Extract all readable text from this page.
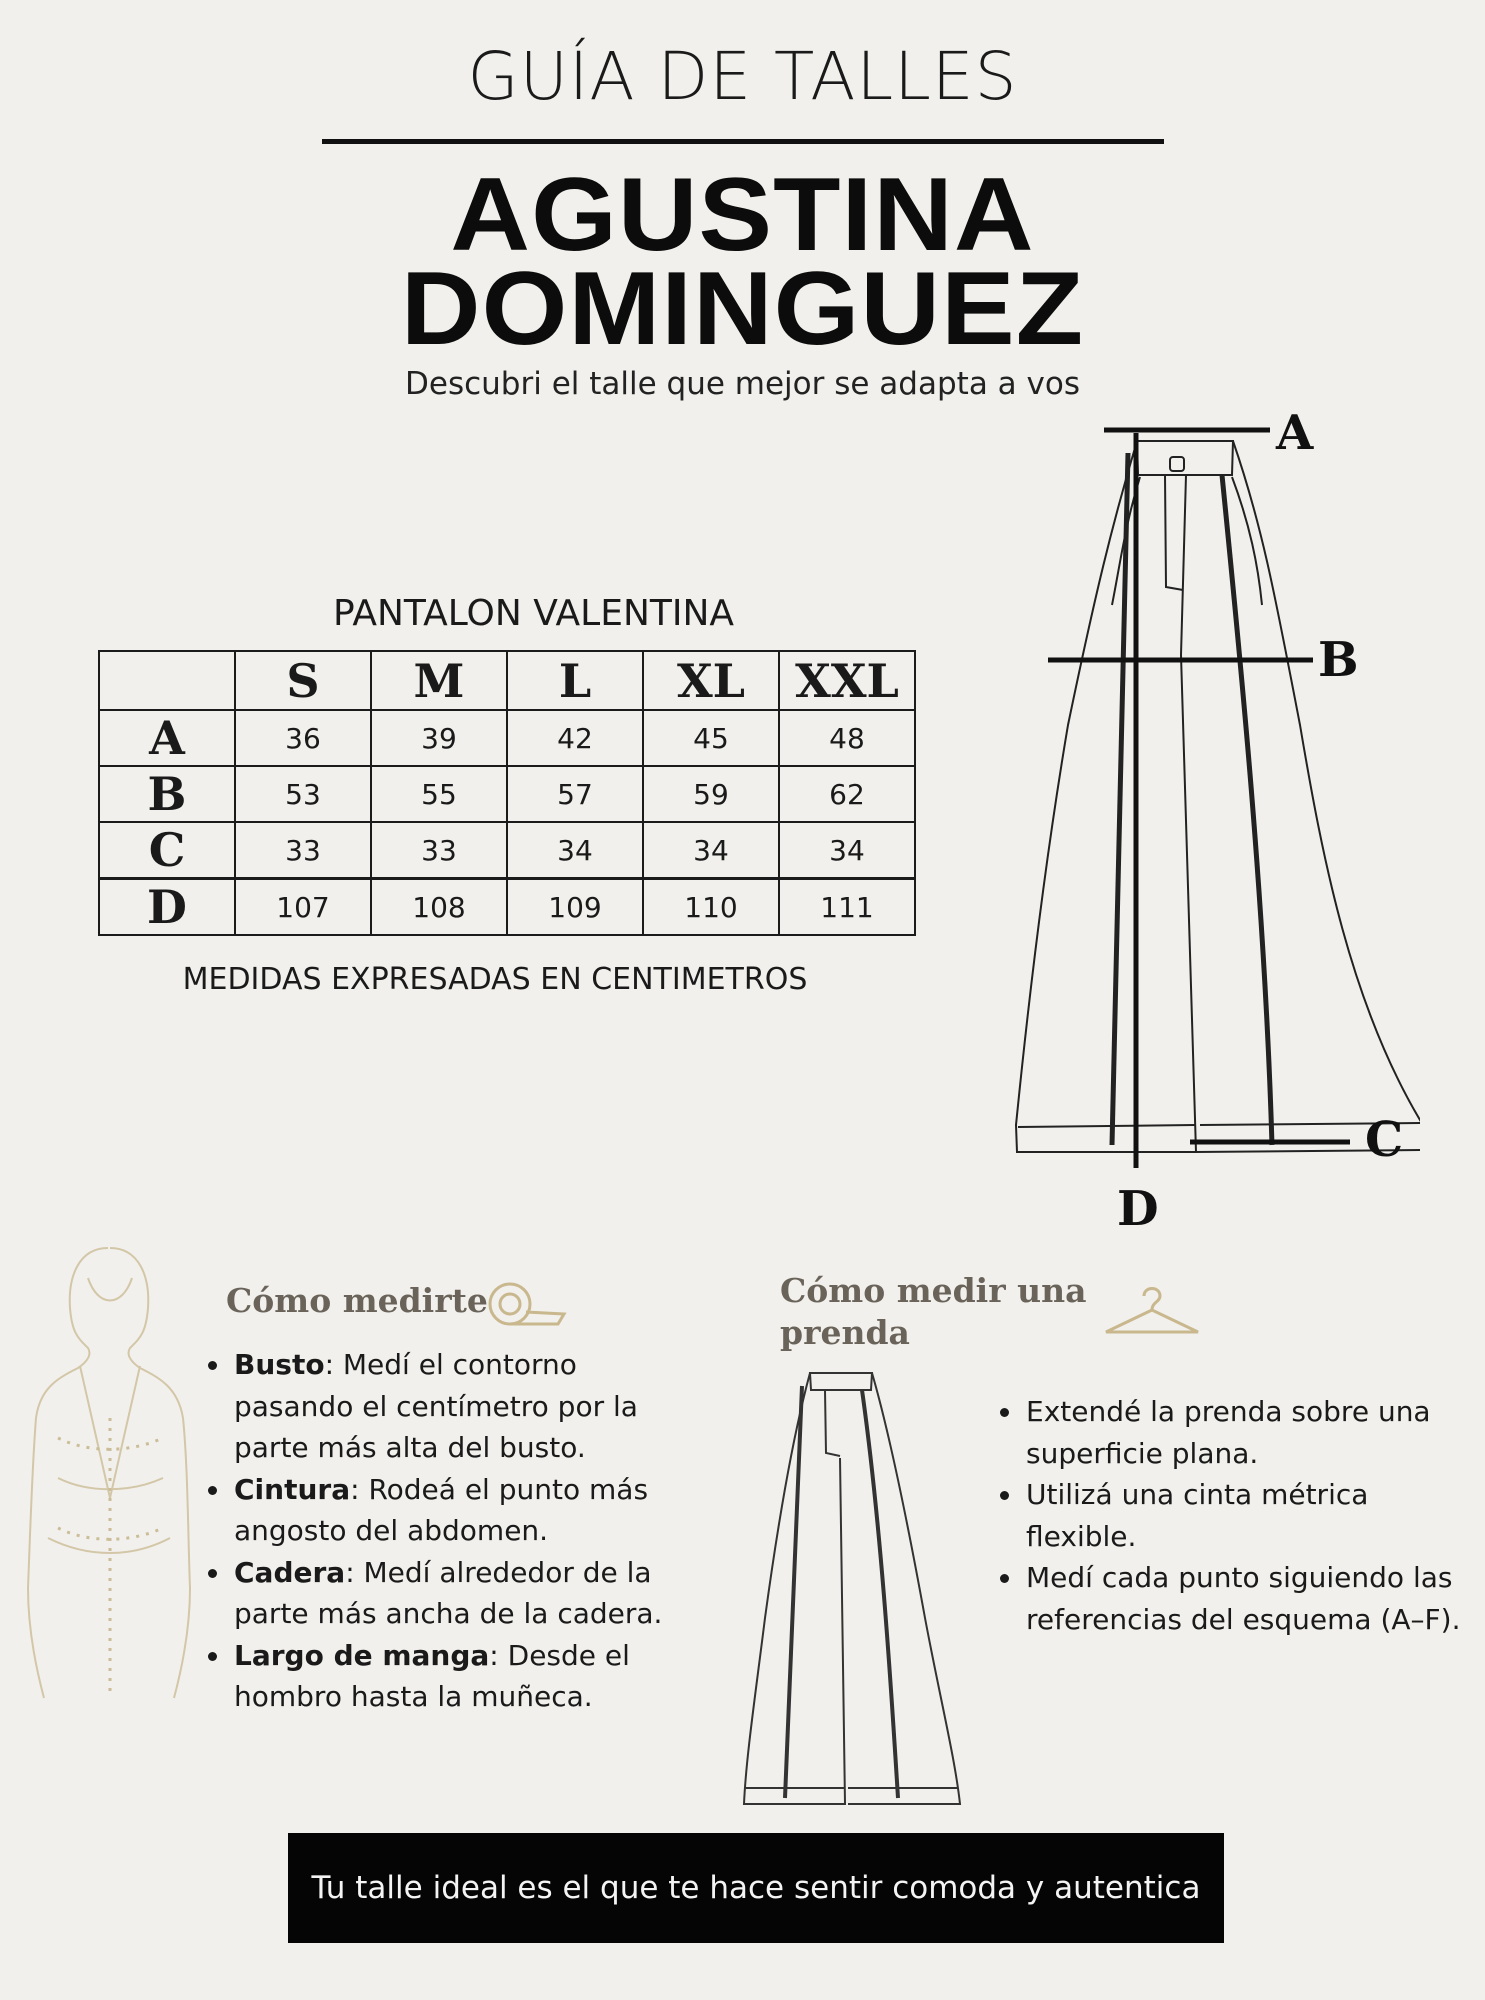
GUÍA DE TALLES
AGUSTINA
DOMINGUEZ
Descubri el talle que mejor se adapta a vos
PANTALON VALENTINA
	S	M	L	XL	XXL
A	36	39	42	45	48
B	53	55	57	59	62
C	33	33	34	34	34
D	107	108	109	110	111
MEDIDAS EXPRESADAS EN CENTIMETROS
A
B
C
D
Cómo medirte
• Busto: Medí el contorno pasando el centímetro por la parte más alta del busto.
• Cintura: Rodeá el punto más angosto del abdomen.
• Cadera: Medí alrededor de la parte más ancha de la cadera.
• Largo de manga: Desde el hombro hasta la muñeca.
Cómo medir una
prenda
• Extendé la prenda sobre una superficie plana.
• Utilizá una cinta métrica flexible.
• Medí cada punto siguiendo las referencias del esquema (A–F).
Tu talle ideal es el que te hace sentir comoda y autentica
